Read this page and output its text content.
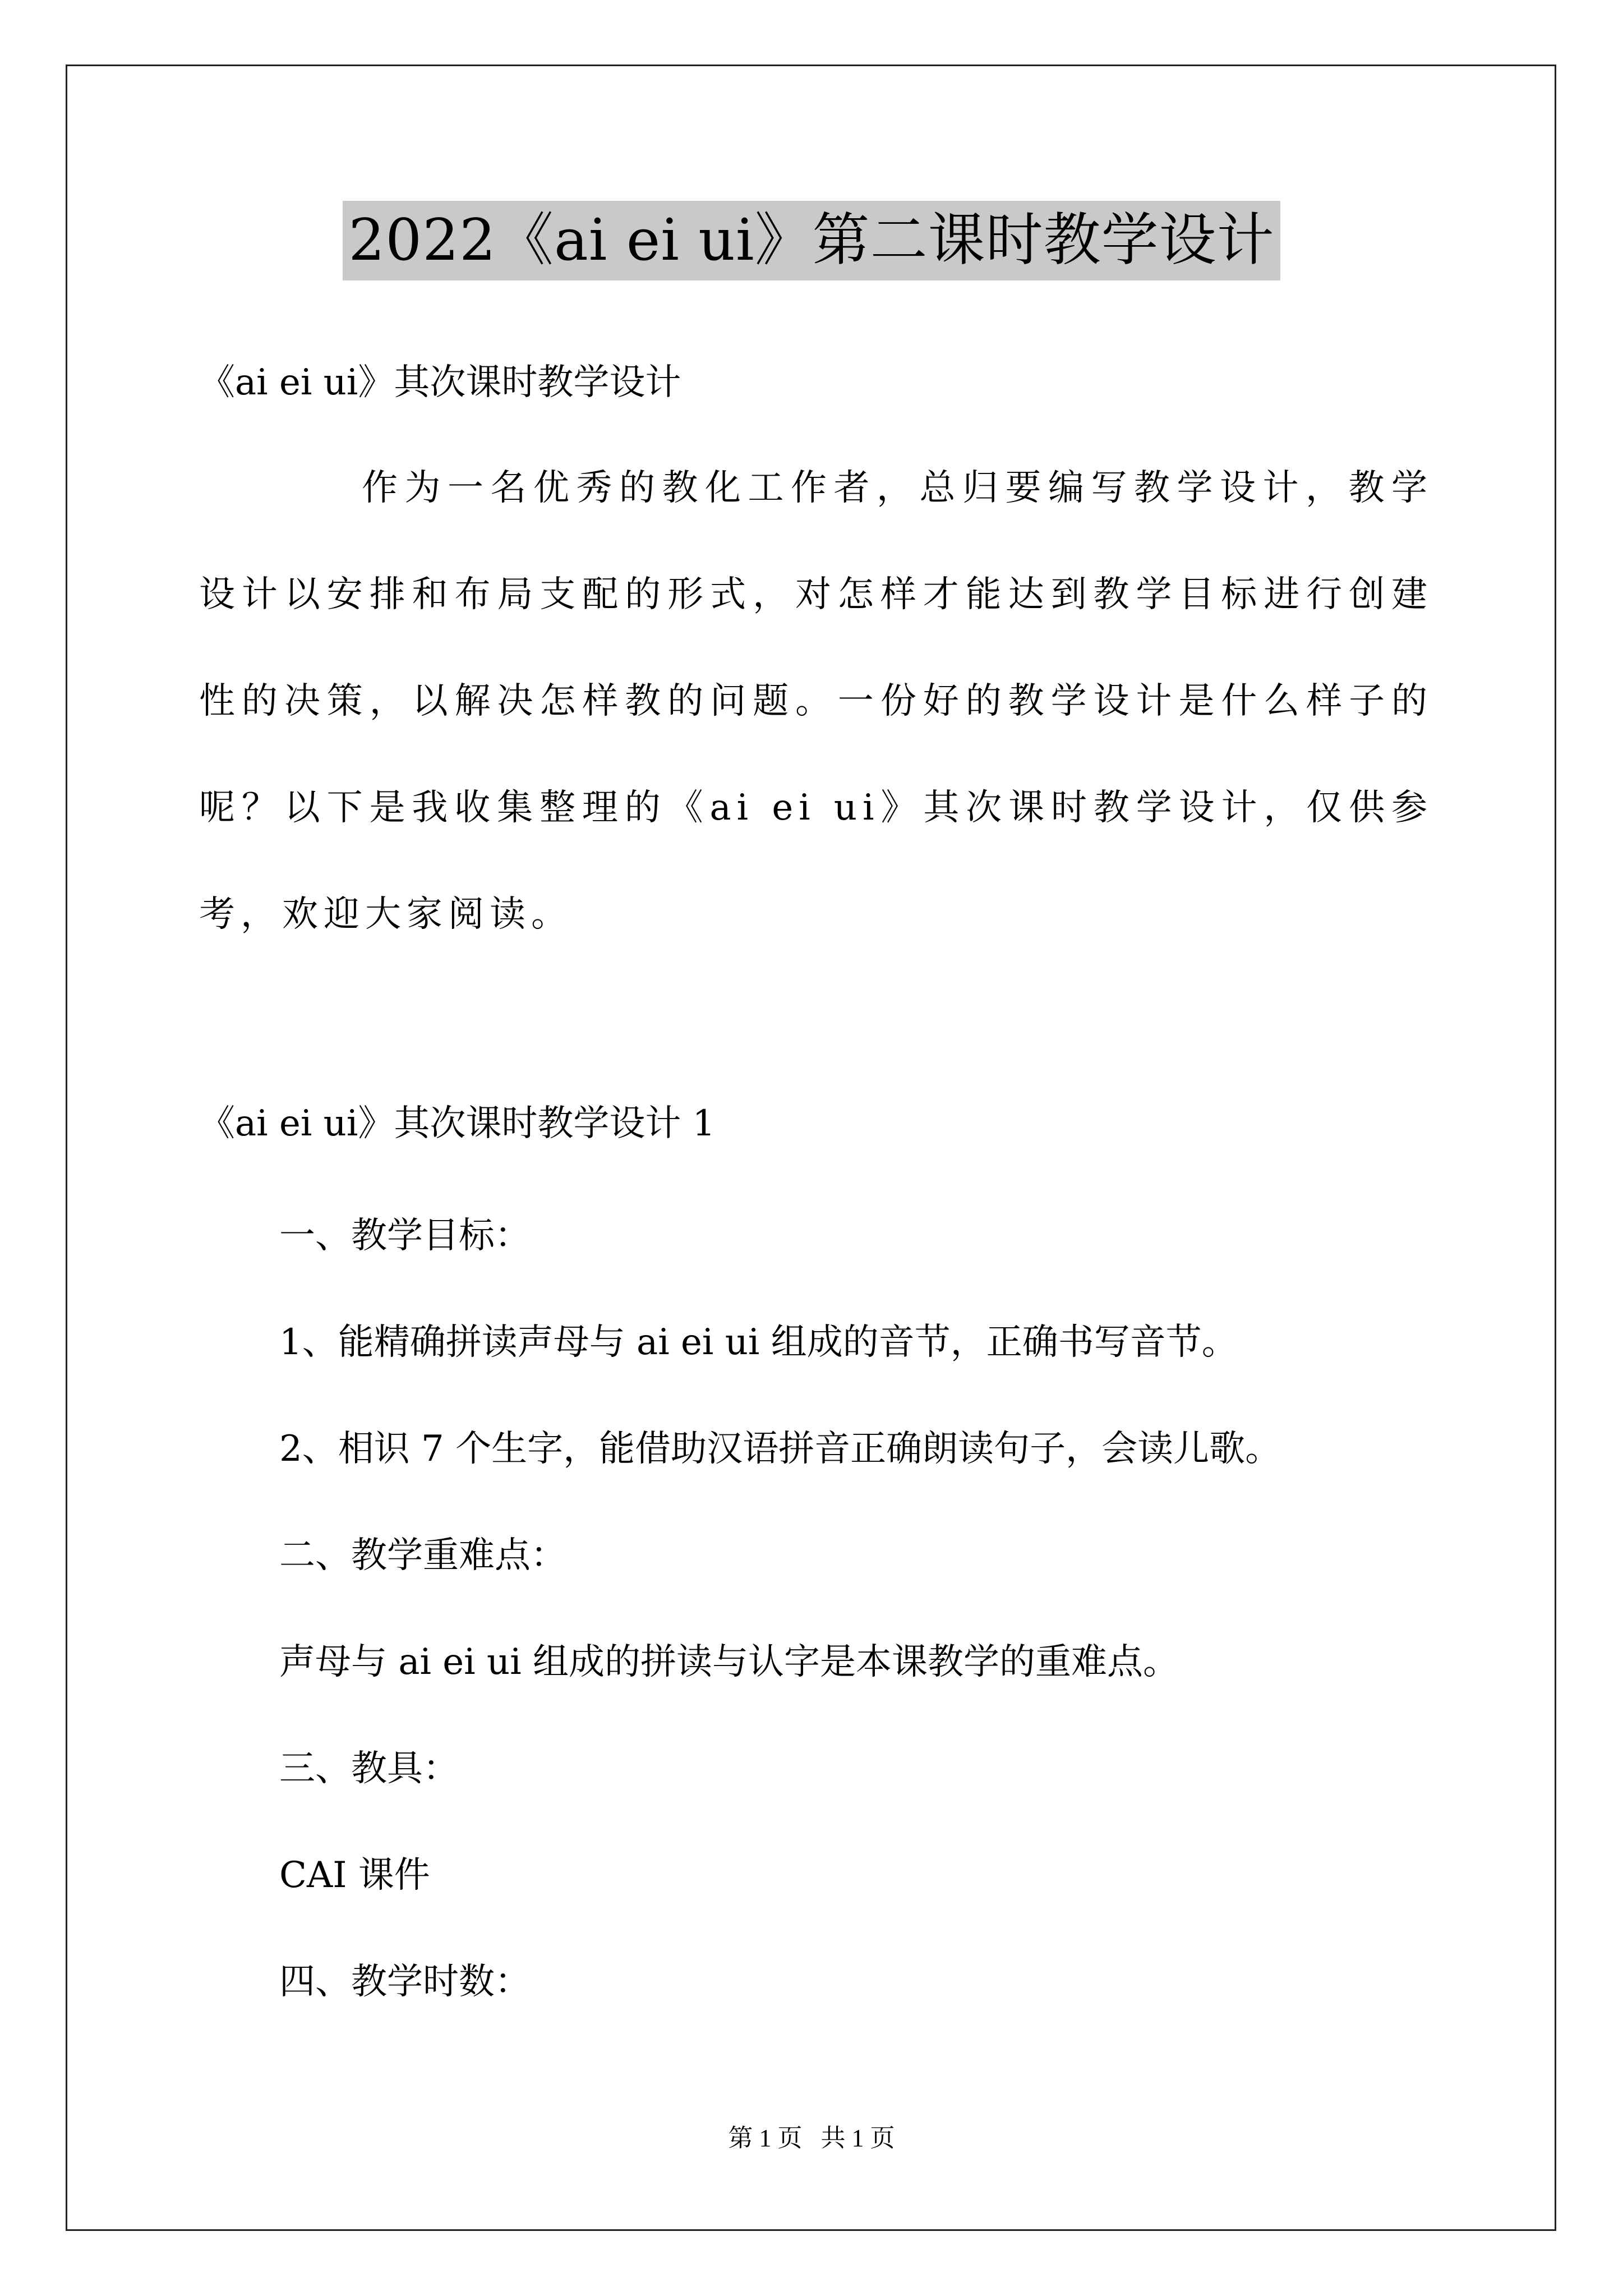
2022《ai ei ui》第二课时教学设计
《ai ei ui》其次课时教学设计

作为一名优秀的教化工作者，总归要编写教学设计，教学设计以安排和布局支配的形式，对怎样才能达到教学目标进行创建性的决策，以解决怎样教的问题。一份好的教学设计是什么样子的呢？以下是我收集整理的《ai ei ui》其次课时教学设计，仅供参考，欢迎大家阅读。

《ai ei ui》其次课时教学设计 1
一、教学目标：
1、能精确拼读声母与 ai ei ui 组成的音节，正确书写音节。
2、相识 7 个生字，能借助汉语拼音正确朗读句子，会读儿歌。
二、教学重难点：
声母与 ai ei ui 组成的拼读与认字是本课教学的重难点。
三、教具：
CAI 课件
四、教学时数：
第 1 页   共 1 页
